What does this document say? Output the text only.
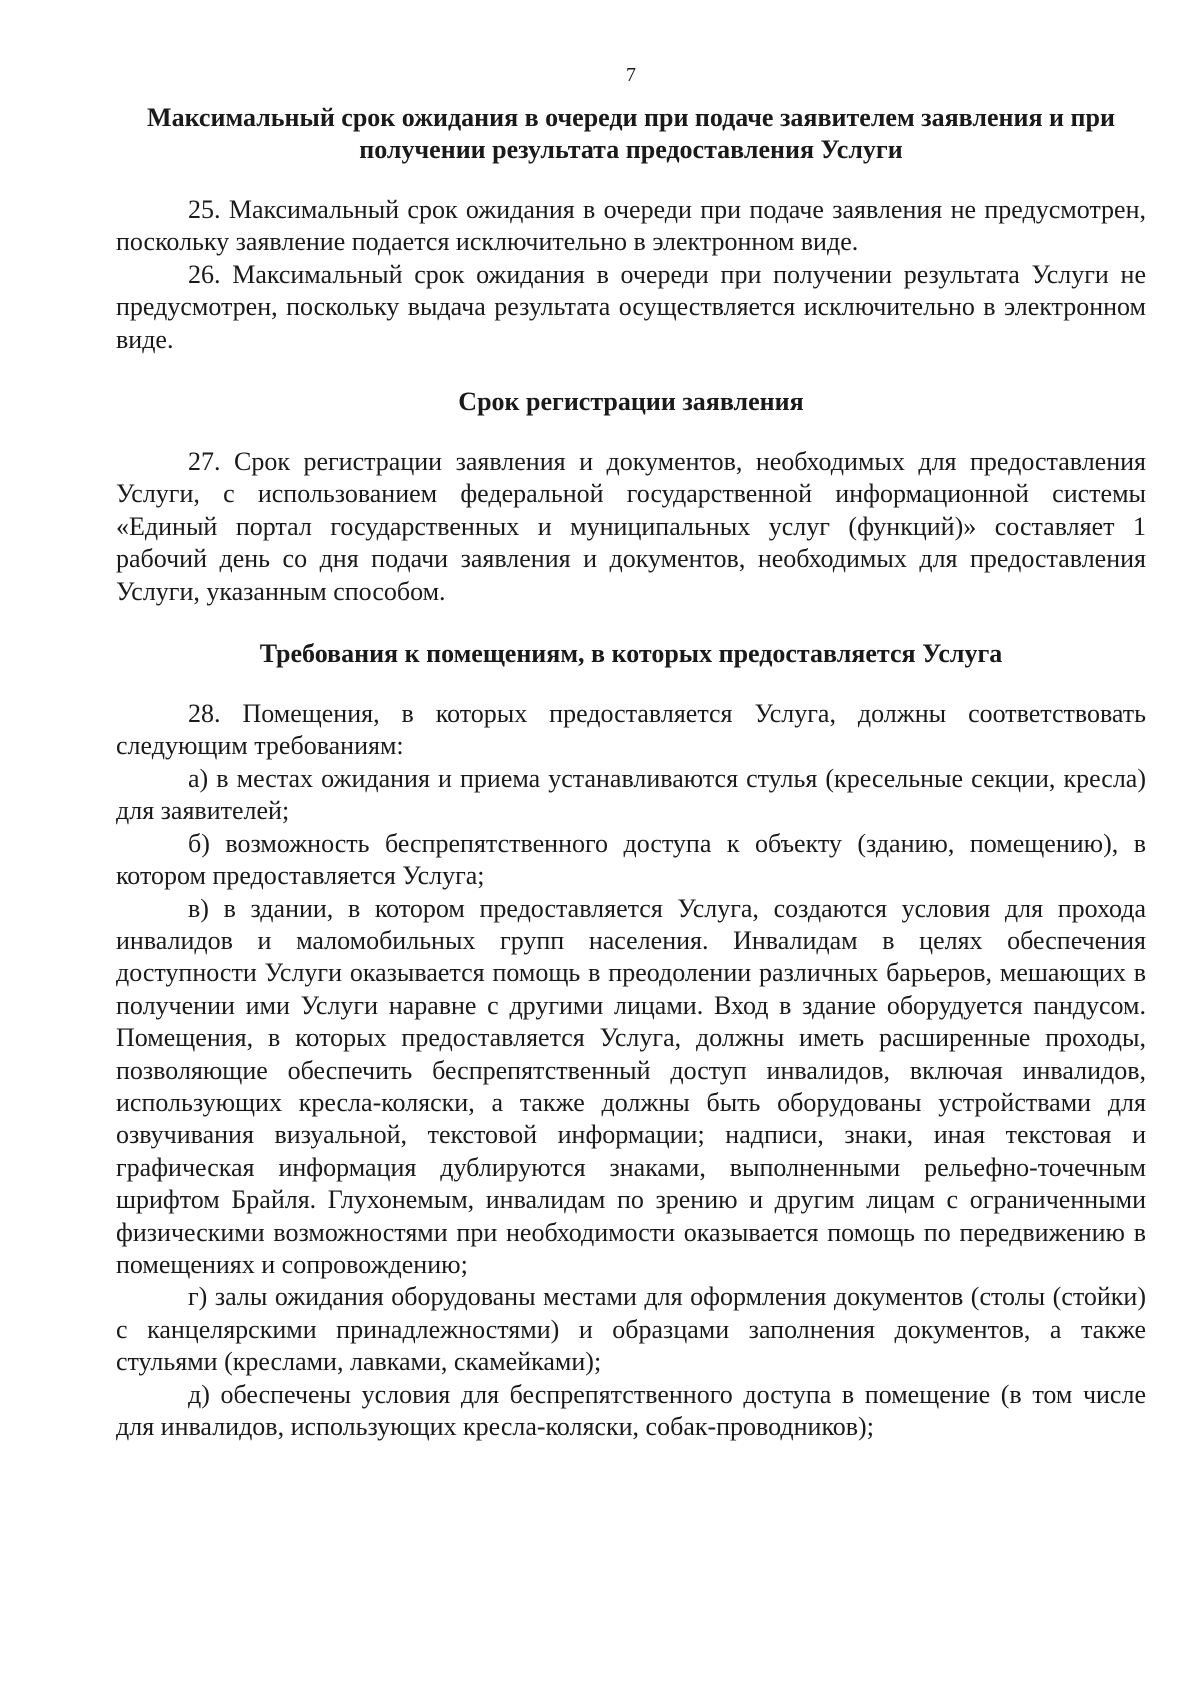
7
Максимальный срок ожидания в очереди при подаче заявителем заявления и при получении результата предоставления Услуги

25. Максимальный срок ожидания в очереди при подаче заявления не предусмотрен, поскольку заявление подается исключительно в электронном виде.

26. Максимальный срок ожидания в очереди при получении результата Услуги не предусмотрен, поскольку выдача результата осуществляется исключительно в электронном виде.

Срок регистрации заявления

27. Срок регистрации заявления и документов, необходимых для предоставления Услуги, с использованием федеральной государственной информационной системы «Единый портал государственных и муниципальных услуг (функций)» составляет 1 рабочий день со дня подачи заявления и документов, необходимых для предоставления Услуги, указанным способом.

Требования к помещениям, в которых предоставляется Услуга

28. Помещения, в которых предоставляется Услуга, должны соответствовать следующим требованиям:

а) в местах ожидания и приема устанавливаются стулья (кресельные секции, кресла) для заявителей;

б) возможность беспрепятственного доступа к объекту (зданию, помещению), в котором предоставляется Услуга;

в) в здании, в котором предоставляется Услуга, создаются условия для прохода инвалидов и маломобильных групп населения. Инвалидам в целях обеспечения доступности Услуги оказывается помощь в преодолении различных барьеров, мешающих в получении ими Услуги наравне с другими лицами. Вход в здание оборудуется пандусом. Помещения, в которых предоставляется Услуга, должны иметь расширенные проходы, позволяющие обеспечить беспрепятственный доступ инвалидов, включая инвалидов, использующих кресла-коляски, а также должны быть оборудованы устройствами для озвучивания визуальной, текстовой информации; надписи, знаки, иная текстовая и графическая информация дублируются знаками, выполненными рельефно-точечным шрифтом Брайля. Глухонемым, инвалидам по зрению и другим лицам с ограниченными физическими возможностями при необходимости оказывается помощь по передвижению в помещениях и сопровождению;

г) залы ожидания оборудованы местами для оформления документов (столы (стойки) с канцелярскими принадлежностями) и образцами заполнения документов, а также стульями (креслами, лавками, скамейками);

д) обеспечены условия для беспрепятственного доступа в помещение (в том числе для инвалидов, использующих кресла-коляски, собак-проводников);
